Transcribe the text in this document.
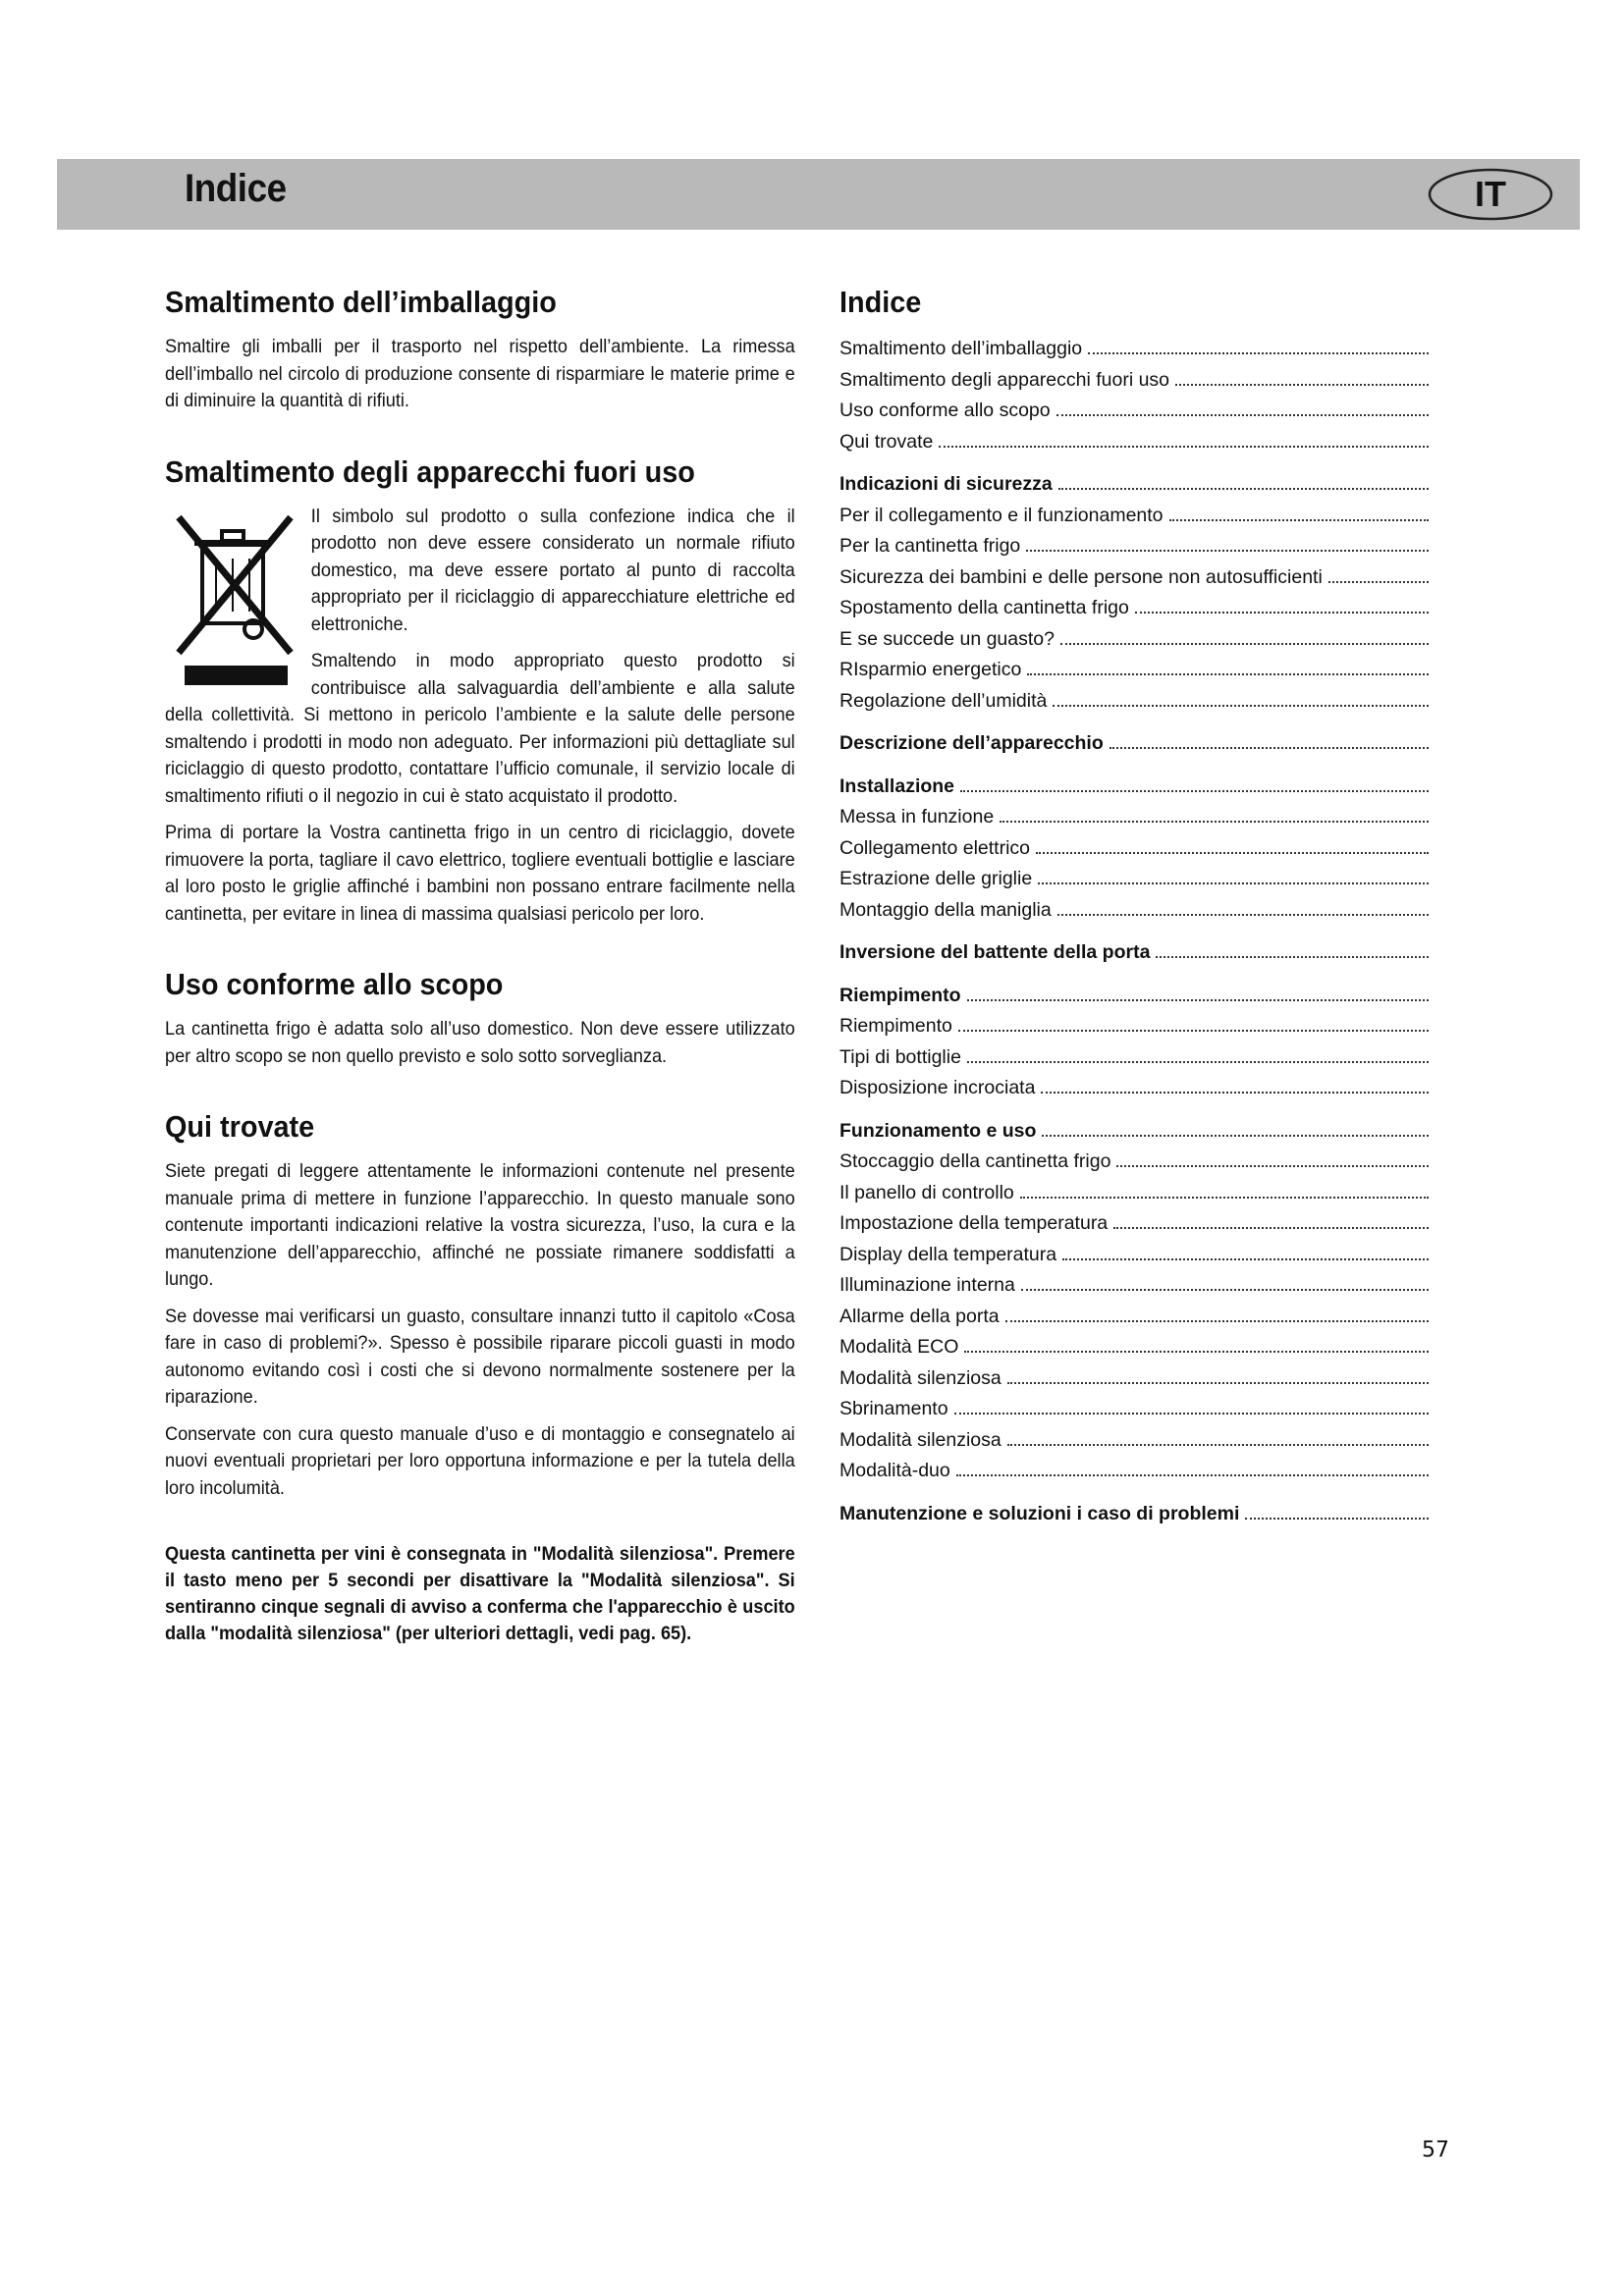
Indice	IT
Smaltimento dell’imballaggio

Smaltire gli imballi per il trasporto nel rispetto dell’ambiente. La rimessa dell’imballo nel circolo di produzione consente di risparmiare le materie prime e di diminuire la quantità di rifiuti.

Smaltimento degli apparecchi fuori uso

Il simbolo sul prodotto o sulla confezione indica che il prodotto non deve essere considerato un normale rifiuto domestico, ma deve essere portato al punto di raccolta appropriato per il riciclaggio di apparecchiature elettriche ed elettroniche.

Smaltendo in modo appropriato questo prodotto si contribuisce alla salvaguardia dell’ambiente e alla salute della collettività. Si mettono in pericolo l’ambiente e la salute delle persone smaltendo i prodotti in modo non adeguato. Per informazioni più dettagliate sul riciclaggio di questo prodotto, contattare l’ufficio comunale, il servizio locale di smaltimento rifiuti o il negozio in cui è stato acquistato il prodotto.

Prima di portare la Vostra cantinetta frigo in un centro di riciclaggio, dovete rimuovere la porta, tagliare il cavo elettrico, togliere eventuali bottiglie e lasciare al loro posto le griglie affinché i bambini non possano entrare facilmente nella cantinetta, per evitare in linea di massima qualsiasi pericolo per loro.

Uso conforme allo scopo

La cantinetta frigo è adatta solo all’uso domestico. Non deve essere utilizzato per altro scopo se non quello previsto e solo sotto sorveglianza.

Qui trovate

Siete pregati di leggere attentamente le informazioni contenute nel presente manuale prima di mettere in funzione l’apparecchio. In questo manuale sono contenute importanti indicazioni relative la vostra sicurezza, l’uso, la cura e la manutenzione dell’apparecchio, affinché ne possiate rimanere soddisfatti a lungo.

Se dovesse mai verificarsi un guasto, consultare innanzi tutto il capitolo «Cosa fare in caso di problemi?». Spesso è possibile riparare piccoli guasti in modo autonomo evitando così i costi che si devono normalmente sostenere per la riparazione.

Conservate con cura questo manuale d’uso e di montaggio e consegnatelo ai nuovi eventuali proprietari per loro opportuna informazione e per la tutela della loro incolumità.

Questa cantinetta per vini è consegnata in "Modalità silenziosa". Premere il tasto meno per 5 secondi per disattivare la "Modalità silenziosa". Si sentiranno cinque segnali di avviso a conferma che l'apparecchio è uscito dalla "modalità silenziosa" (per ulteriori dettagli, vedi pag. 65).

Indice
Smaltimento dell’imballaggio
Smaltimento degli apparecchi fuori uso
Uso conforme allo scopo
Qui trovate
Indicazioni di sicurezza
Per il collegamento e il funzionamento
Per la cantinetta frigo
Sicurezza dei bambini e delle persone non autosufficienti
Spostamento della cantinetta frigo
E se succede un guasto?
RIsparmio energetico
Regolazione dell’umidità
Descrizione dell’apparecchio
Installazione
Messa in funzione
Collegamento elettrico
Estrazione delle griglie
Montaggio della maniglia
Inversione del battente della porta
Riempimento
Riempimento
Tipi di bottiglie
Disposizione incrociata
Funzionamento e uso
Stoccaggio della cantinetta frigo
Il panello di controllo
Impostazione della temperatura
Display della temperatura
Illuminazione interna
Allarme della porta
Modalità ECO
Modalità silenziosa
Sbrinamento
Modalità silenziosa
Modalità-duo
Manutenzione e soluzioni i caso di problemi
57
